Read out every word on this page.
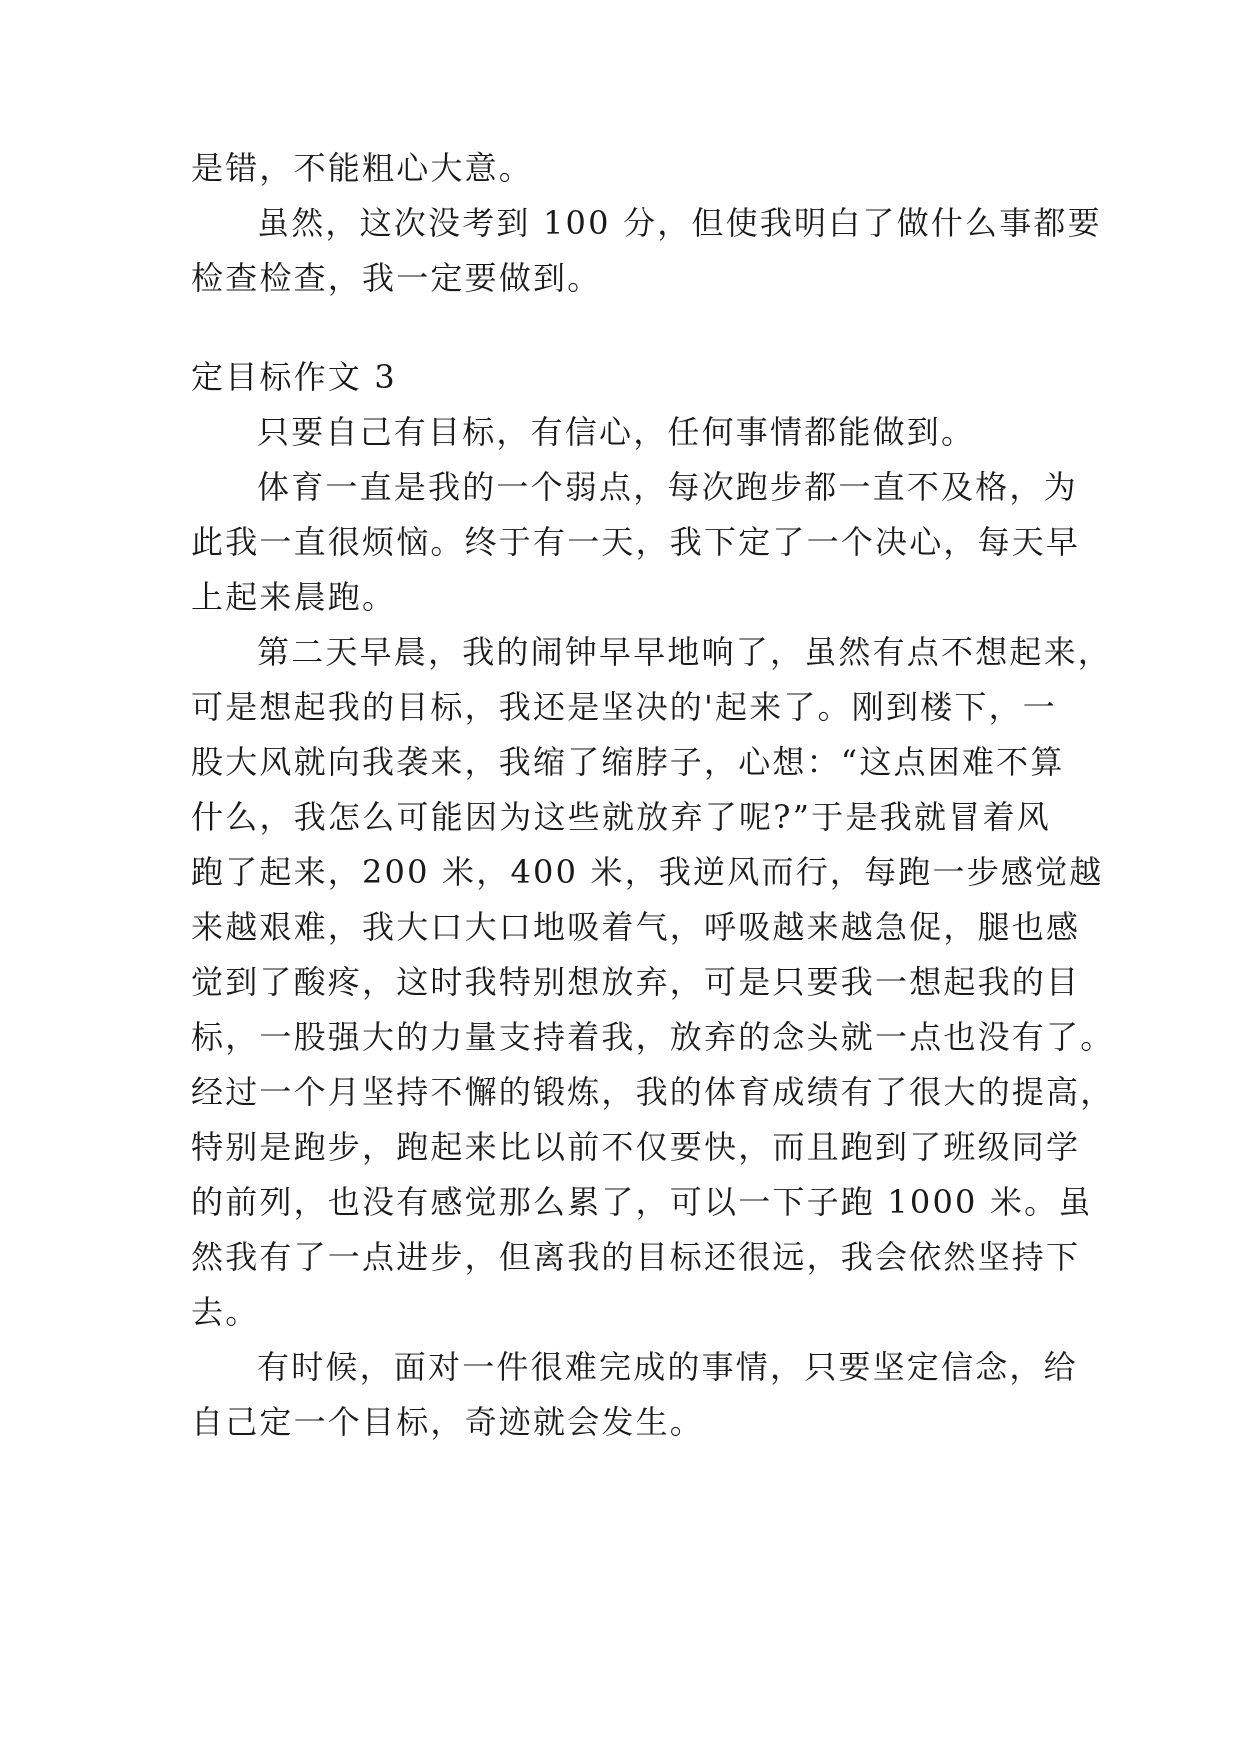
是错，不能粗心大意。
虽然，这次没考到 100 分，但使我明白了做什么事都要
检查检查，我一定要做到。
定目标作文 3
只要自己有目标，有信心，任何事情都能做到。
体育一直是我的一个弱点，每次跑步都一直不及格，为
此我一直很烦恼。终于有一天，我下定了一个决心，每天早
上起来晨跑。
第二天早晨，我的闹钟早早地响了，虽然有点不想起来，
可是想起我的目标，我还是坚决的'起来了。刚到楼下，一
股大风就向我袭来，我缩了缩脖子，心想：“这点困难不算
什么，我怎么可能因为这些就放弃了呢?”于是我就冒着风
跑了起来，200 米，400 米，我逆风而行，每跑一步感觉越
来越艰难，我大口大口地吸着气，呼吸越来越急促，腿也感
觉到了酸疼，这时我特别想放弃，可是只要我一想起我的目
标，一股强大的力量支持着我，放弃的念头就一点也没有了。
经过一个月坚持不懈的锻炼，我的体育成绩有了很大的提高，
特别是跑步，跑起来比以前不仅要快，而且跑到了班级同学
的前列，也没有感觉那么累了，可以一下子跑 1000 米。虽
然我有了一点进步，但离我的目标还很远，我会依然坚持下
去。
有时候，面对一件很难完成的事情，只要坚定信念，给
自己定一个目标，奇迹就会发生。
